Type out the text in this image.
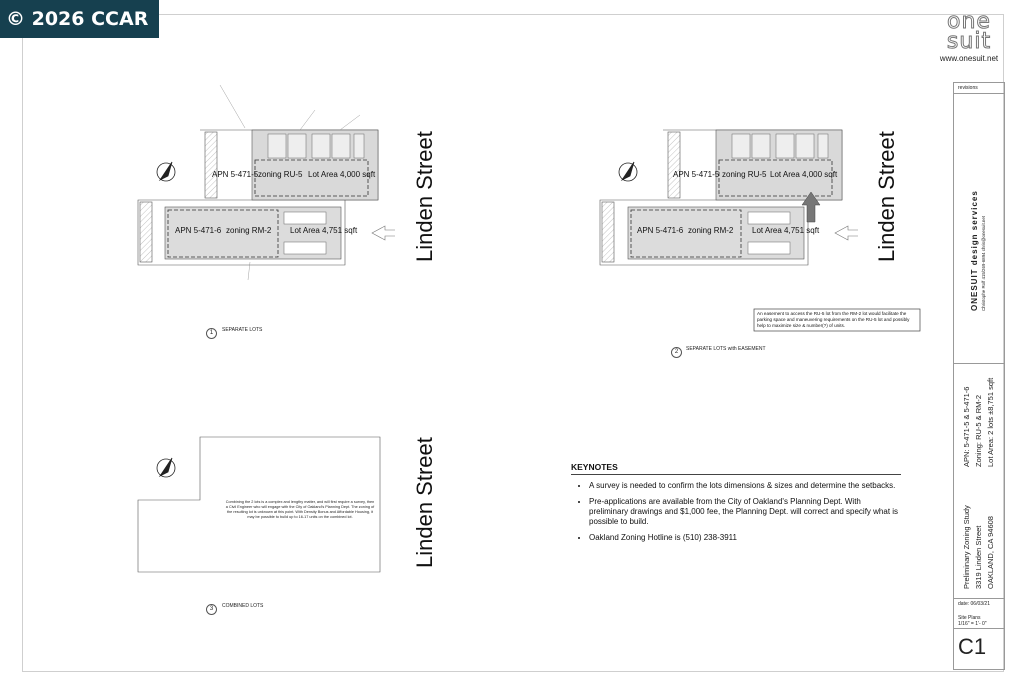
© 2026 CCAR	one suit
www.onesuit.net
APN 5-471-5 zoning RU-5 Lot Area 4,000 sqft
APN 5-471-6 zoning RM-2 Lot Area 4,751 sqft Linden Street
1	SEPARATE LOTS
APN 5-471-5 zoning RU-5 Lot Area 4,000 sqft
APN 5-471-6 zoning RM-2 Lot Area 4,751 sqft Linden Street
An easement to access the RU-5 lot from the RM-2 lot would facilitate the parking space and maneuvering requirements on the RU-5 lot and possibly help to maximize size & number(?) of units.
2	SEPARATE LOTS with EASEMENT
Linden Street
Combining the 2 lots is a complex and lengthy matter, and will first require a survey, then a Civil Engineer who will engage with the City of Oakland's Planning Dept. The zoning of the resulting lot is unknown at this point. With Density Bonus and Affordable Housing, it may be possible to build up to 16-17 units on the combined lot.
3	COMBINED LOTS
KEYNOTES
• A survey is needed to confirm the lots dimensions & sizes and determine the setbacks.
• Pre-applications are available from the City of Oakland's Planning Dept. With preliminary drawings and $1,000 fee, the Planning Dept. will correct and specify what is possible to build.
• Oakland Zoning Hotline is (510) 238-3911
revisions
ONESUIT design services Christophe Rolf 415/269-6894 chris@onesuit.net
APN: 5-471-5 & 5-471-6 Zoning: RU-5 & RM-2 Lot Area: 2 lots ±8,751 sqft
Preliminary Zoning Study 3319 Linden Street OAKLAND, CA 94608
date: 06/03/21
Site Plans
1/16" = 1'- 0"
C1
